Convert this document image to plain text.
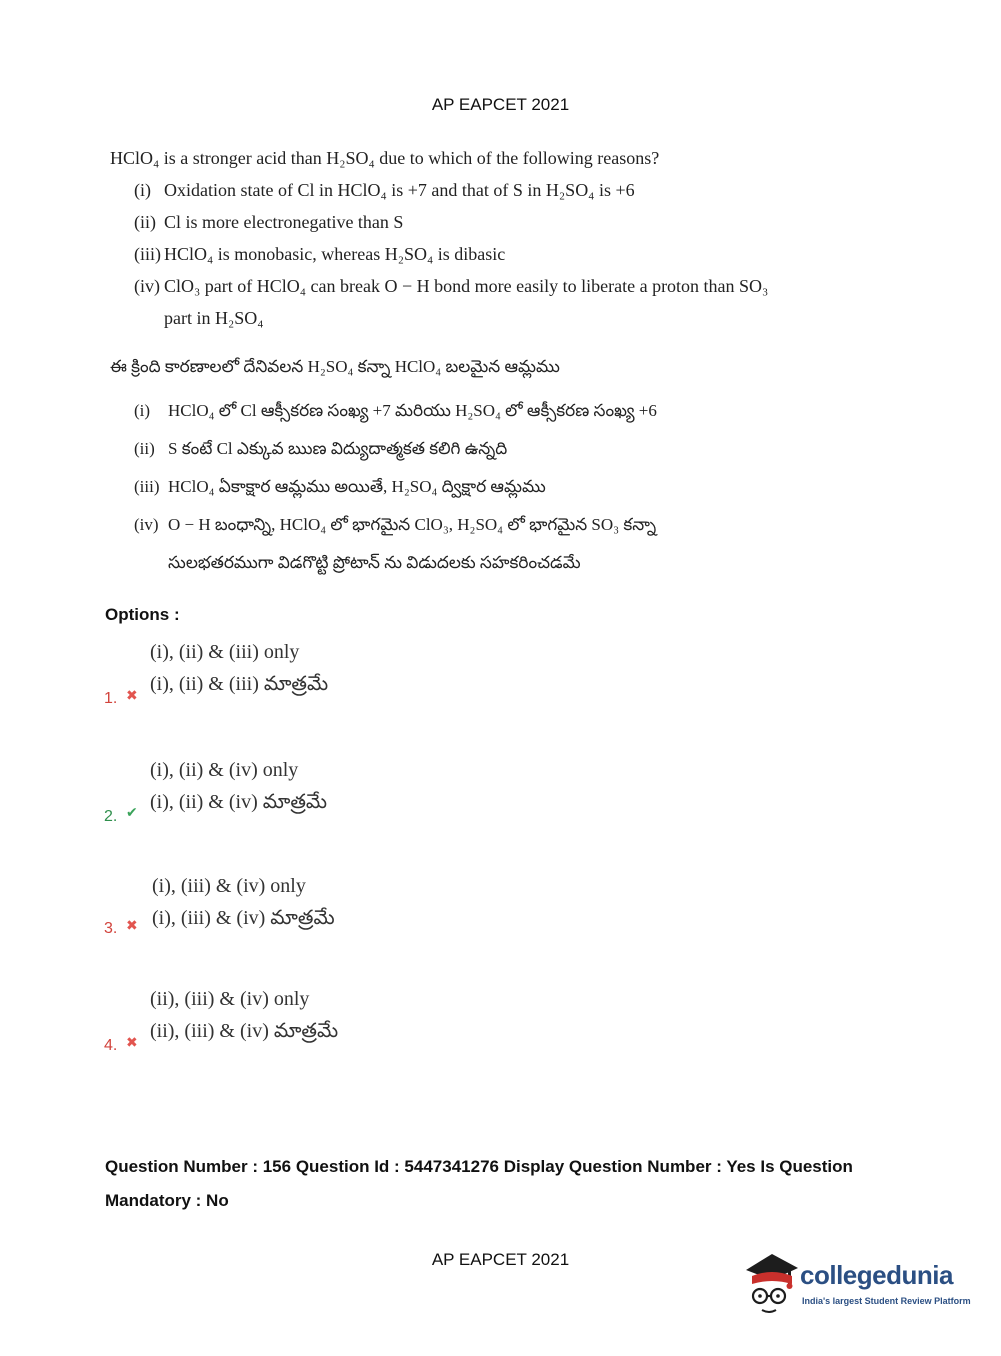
AP EAPCET 2021
HClO₄ is a stronger acid than H₂SO₄ due to which of the following reasons?
(i) Oxidation state of Cl in HClO₄ is +7 and that of S in H₂SO₄ is +6
(ii) Cl is more electronegative than S
(iii) HClO₄ is monobasic, whereas H₂SO₄ is dibasic
(iv) ClO₃ part of HClO₄ can break O − H bond more easily to liberate a proton than SO₃
part in H₂SO₄
ఈ క్రింది కారణాలలో దేనివలన H₂SO₄ కన్నా HClO₄ బలమైన ఆమ్లము
(i) HClO₄ లో Cl ఆక్సీకరణ సంఖ్య +7 మరియు H₂SO₄ లో ఆక్సీకరణ సంఖ్య +6
(ii) S కంటే Cl ఎక్కువ ఋణ విద్యుదాత్మకత కలిగి ఉన్నది
(iii) HClO₄ ఏకాక్షార ఆమ్లము అయితే, H₂SO₄ ద్విక్షార ఆమ్లము
(iv) O − H బంధాన్ని, HClO₄ లో భాగమైన ClO₃, H₂SO₄ లో భాగమైన SO₃ కన్నా
సులభతరముగా విడగొట్టి ప్రోటాన్ ను విడుదలకు సహకరించడమే
Options :
1. ✖
(i), (ii) & (iii) only
(i), (ii) & (iii) మాత్రమే
2. ✔
(i), (ii) & (iv) only
(i), (ii) & (iv) మాత్రమే
3. ✖
(i), (iii) & (iv) only
(i), (iii) & (iv) మాత్రమే
4. ✖
(ii), (iii) & (iv) only
(ii), (iii) & (iv) మాత్రమే
Question Number : 156 Question Id : 5447341276 Display Question Number : Yes Is Question
Mandatory : No
AP EAPCET 2021
collegedunia
India's largest Student Review Platform
